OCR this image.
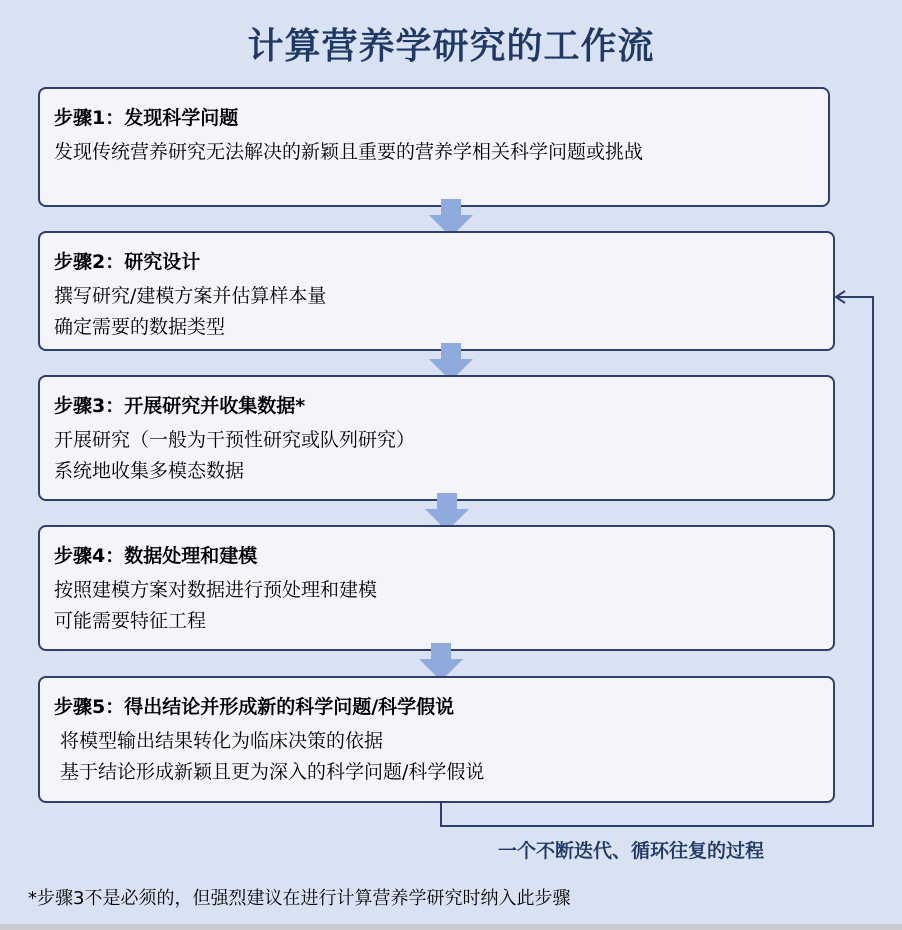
计算营养学研究的工作流
步骤1：发现科学问题
发现传统营养研究无法解决的新颖且重要的营养学相关科学问题或挑战
步骤2：研究设计
撰写研究/建模方案并估算样本量
确定需要的数据类型
步骤3：开展研究并收集数据*
开展研究（一般为干预性研究或队列研究）
系统地收集多模态数据
步骤4：数据处理和建模
按照建模方案对数据进行预处理和建模
可能需要特征工程
步骤5：得出结论并形成新的科学问题/科学假说
将模型输出结果转化为临床决策的依据
基于结论形成新颖且更为深入的科学问题/科学假说
一个不断迭代、循环往复的过程
*步骤3不是必须的，但强烈建议在进行计算营养学研究时纳入此步骤
